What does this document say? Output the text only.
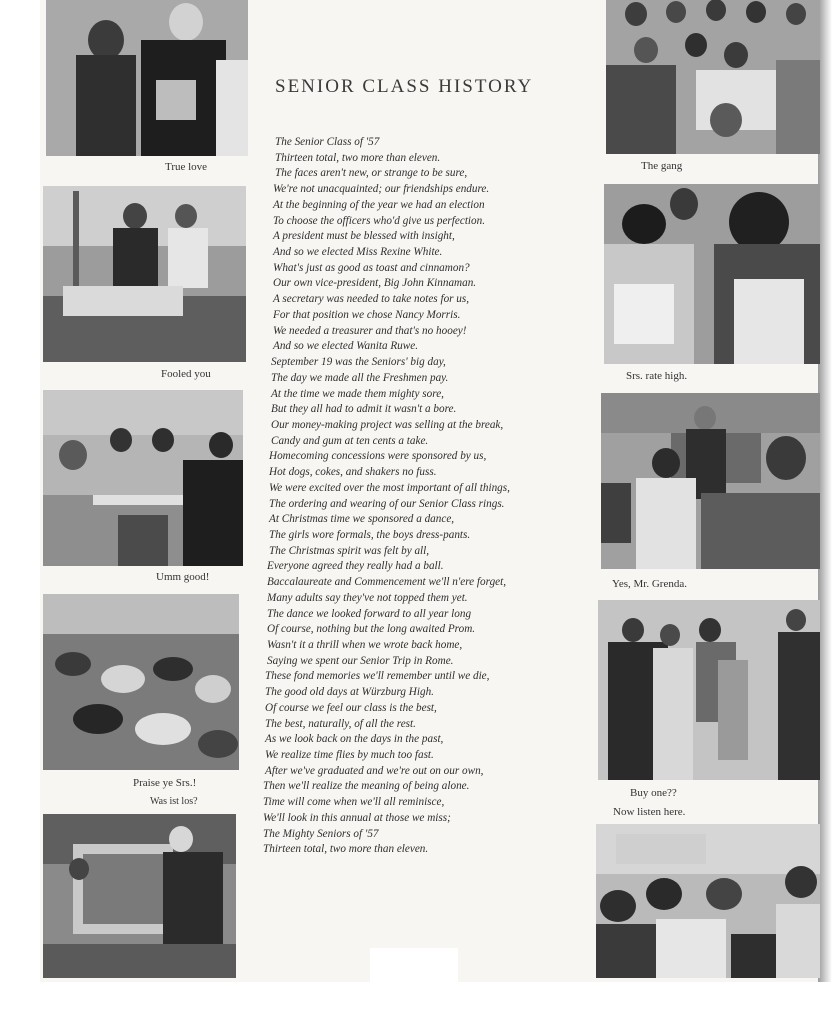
True love
Fooled you
Umm good!
Praise ye Srs.!
Was ist los?
SENIOR CLASS HISTORY
The Senior Class of '57
Thirteen total, two more than eleven.
The faces aren't new, or strange to be sure,
We're not unacquainted; our friendships endure.
At the beginning of the year we had an election
To choose the officers who'd give us perfection.
A president must be blessed with insight,
And so we elected Miss Rexine White.
What's just as good as toast and cinnamon?
Our own vice-president, Big John Kinnaman.
A secretary was needed to take notes for us,
For that position we chose Nancy Morris.
We needed a treasurer and that's no hooey!
And so we elected Wanita Ruwe.
September 19 was the Seniors' big day,
The day we made all the Freshmen pay.
At the time we made them mighty sore,
But they all had to admit it wasn't a bore.
Our money-making project was selling at the break,
Candy and gum at ten cents a take.
Homecoming concessions were sponsored by us,
Hot dogs, cokes, and shakers no fuss.
We were excited over the most important of all things,
The ordering and wearing of our Senior Class rings.
At Christmas time we sponsored a dance,
The girls wore formals, the boys dress-pants.
The Christmas spirit was felt by all,
Everyone agreed they really had a ball.
Baccalaureate and Commencement we'll n'ere forget,
Many adults say they've not topped them yet.
The dance we looked forward to all year long
Of course, nothing but the long awaited Prom.
Wasn't it a thrill when we wrote back home,
Saying we spent our Senior Trip in Rome.
These fond memories we'll remember until we die,
The good old days at Würzburg High.
Of course we feel our class is the best,
The best, naturally, of all the rest.
As we look back on the days in the past,
We realize time flies by much too fast.
After we've graduated and we're out on our own,
Then we'll realize the meaning of being alone.
Time will come when we'll all reminisce,
We'll look in this annual at those we miss;
The Mighty Seniors of '57
Thirteen total, two more than eleven.
The gang
Srs. rate high.
Yes, Mr. Grenda.
Buy one??
Now listen here.
